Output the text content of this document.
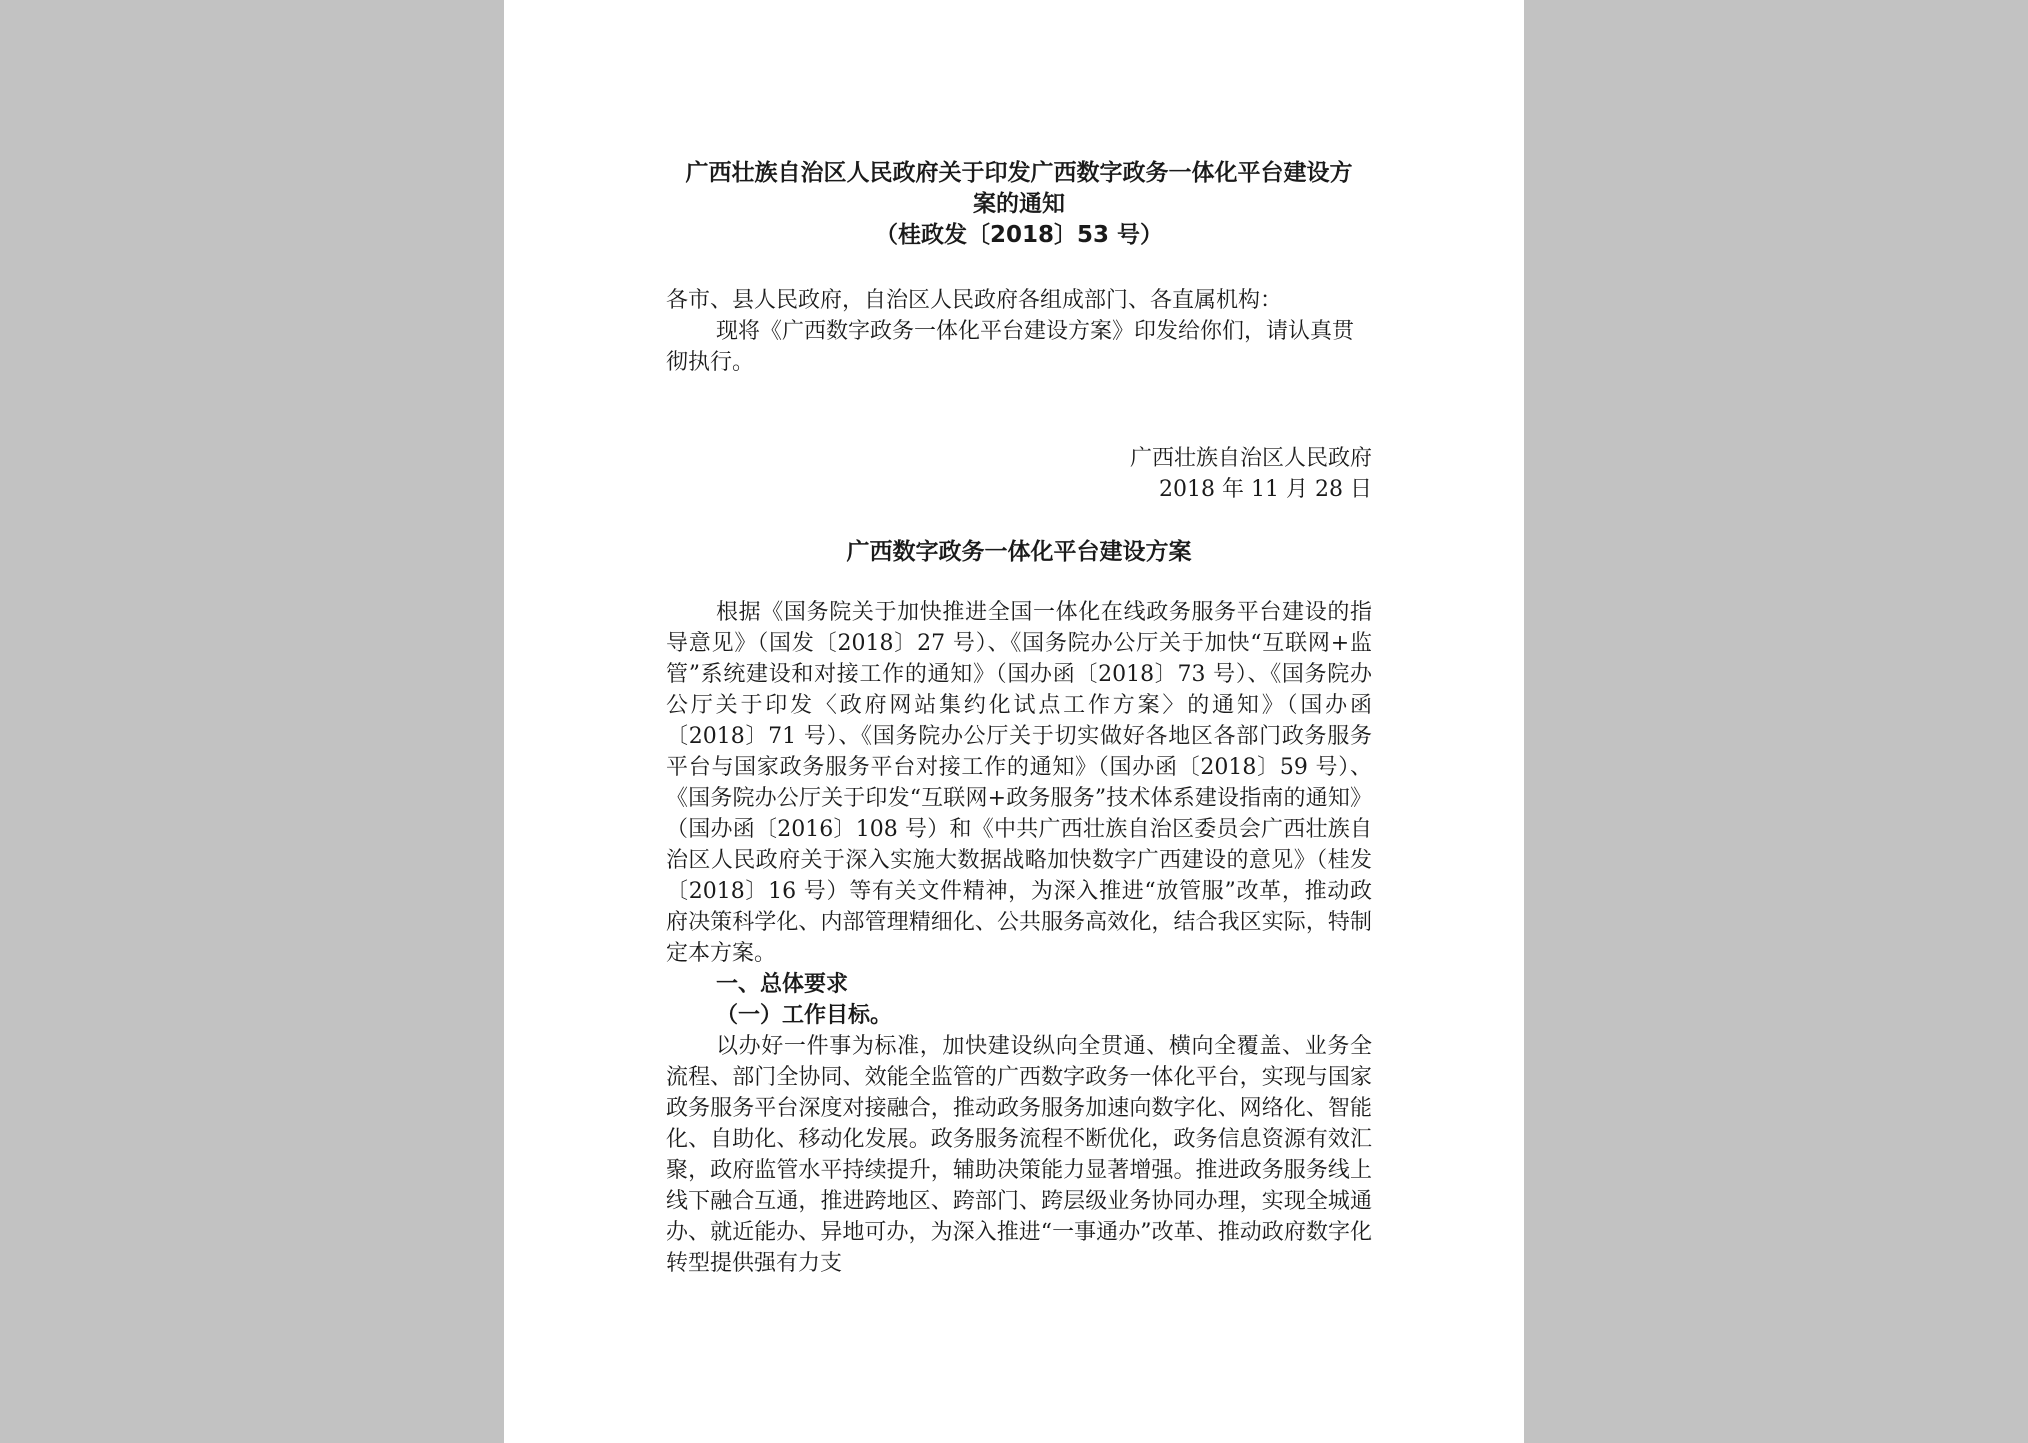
广西壮族自治区人民政府关于印发广西数字政务一体化平台建设方
案的通知
（桂政发〔2018〕53 号）

各市、县人民政府，自治区人民政府各组成部门、各直属机构：

现将《广西数字政务一体化平台建设方案》印发给你们，请认真贯彻执行。

广西壮族自治区人民政府
2018 年 11 月 28 日
广西数字政务一体化平台建设方案

根据《国务院关于加快推进全国一体化在线政务服务平台建设的指导意见》（国发〔2018〕27 号）、《国务院办公厅关于加快“互联网+监管”系统建设和对接工作的通知》（国办函〔2018〕73 号）、《国务院办公厅关于印发〈政府网站集约化试点工作方案〉的通知》（国办函〔2018〕71 号）、《国务院办公厅关于切实做好各地区各部门政务服务平台与国家政务服务平台对接工作的通知》（国办函〔2018〕59 号）、《国务院办公厅关于印发“互联网+政务服务”技术体系建设指南的通知》（国办函〔2016〕108 号）和《中共广西壮族自治区委员会广西壮族自治区人民政府关于深入实施大数据战略加快数字广西建设的意见》（桂发〔2018〕16 号）等有关文件精神，为深入推进“放管服”改革，推动政府决策科学化、内部管理精细化、公共服务高效化，结合我区实际，特制定本方案。

一、总体要求

（一）工作目标。

以办好一件事为标准，加快建设纵向全贯通、横向全覆盖、业务全流程、部门全协同、效能全监管的广西数字政务一体化平台，实现与国家政务服务平台深度对接融合，推动政务服务加速向数字化、网络化、智能化、自助化、移动化发展。政务服务流程不断优化，政务信息资源有效汇聚，政府监管水平持续提升，辅助决策能力显著增强。推进政务服务线上线下融合互通，推进跨地区、跨部门、跨层级业务协同办理，实现全城通办、就近能办、异地可办，为深入推进“一事通办”改革、推动政府数字化转型提供强有力支
